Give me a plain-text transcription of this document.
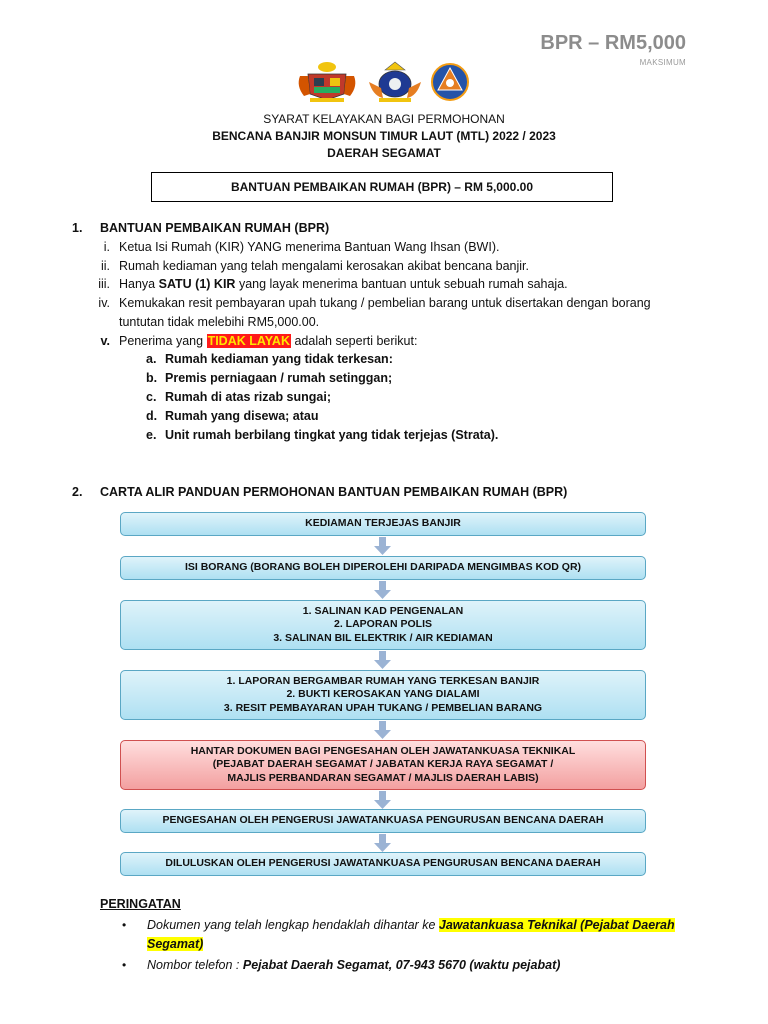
BPR – RM5,000
MAKSIMUM
SYARAT KELAYAKAN BAGI PERMOHONAN
BENCANA BANJIR MONSUN TIMUR LAUT (MTL) 2022 / 2023
DAERAH SEGAMAT
BANTUAN PEMBAIKAN RUMAH (BPR) – RM 5,000.00
1. BANTUAN PEMBAIKAN RUMAH (BPR)
i. Ketua Isi Rumah (KIR) YANG menerima Bantuan Wang Ihsan (BWI).
ii. Rumah kediaman yang telah mengalami kerosakan akibat bencana banjir.
iii. Hanya SATU (1) KIR yang layak menerima bantuan untuk sebuah rumah sahaja.
iv. Kemukakan resit pembayaran upah tukang / pembelian barang untuk disertakan dengan borang
tuntutan tidak melebihi RM5,000.00.
v. Penerima yang TIDAK LAYAK adalah seperti berikut:
a. Rumah kediaman yang tidak terkesan:
b. Premis perniagaan / rumah setinggan;
c. Rumah di atas rizab sungai;
d. Rumah yang disewa; atau
e. Unit rumah berbilang tingkat yang tidak terjejas (Strata).
2. CARTA ALIR PANDUAN PERMOHONAN BANTUAN PEMBAIKAN RUMAH (BPR)
KEDIAMAN TERJEJAS BANJIR
ISI BORANG (BORANG BOLEH DIPEROLEHI DARIPADA MENGIMBAS KOD QR)
1. SALINAN KAD PENGENALAN
2. LAPORAN POLIS
3. SALINAN BIL ELEKTRIK / AIR KEDIAMAN
1. LAPORAN BERGAMBAR RUMAH YANG TERKESAN BANJIR
2. BUKTI KEROSAKAN YANG DIALAMI
3. RESIT PEMBAYARAN UPAH TUKANG / PEMBELIAN BARANG
HANTAR DOKUMEN BAGI PENGESAHAN OLEH JAWATANKUASA TEKNIKAL
(PEJABAT DAERAH SEGAMAT / JABATAN KERJA RAYA SEGAMAT /
MAJLIS PERBANDARAN SEGAMAT / MAJLIS DAERAH LABIS)
PENGESAHAN OLEH PENGERUSI JAWATANKUASA PENGURUSAN BENCANA DAERAH
DILULUSKAN OLEH PENGERUSI JAWATANKUASA PENGURUSAN BENCANA DAERAH
PERINGATAN
• Dokumen yang telah lengkap hendaklah dihantar ke Jawatankuasa Teknikal (Pejabat Daerah Segamat)
• Nombor telefon : Pejabat Daerah Segamat, 07-943 5670 (waktu pejabat)
